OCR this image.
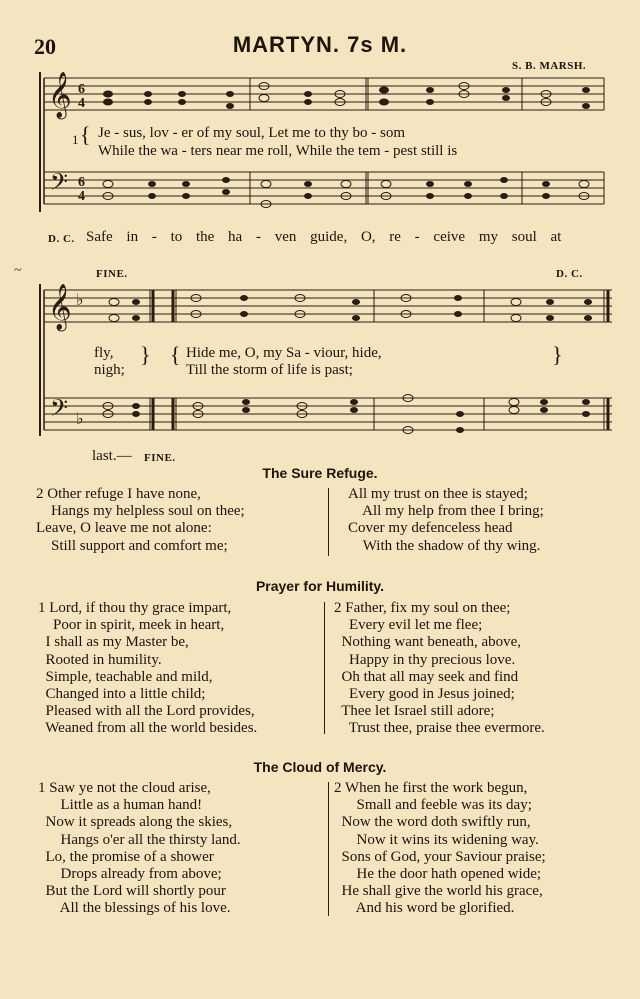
20	MARTYN. 7s M.
S. B. MARSH.
𝄞 6
4
𝄢 6
4
𝄞
𝄢
♭
♭
~
1 { Je - sus, lov - er of my soul, Let me to thy bo - som
While the wa - ters near me roll, While the tem - pest still is
D. C. Safe in - to the ha - ven guide, O, re - ceive my soul at
FINE.	D. C.
fly,
nigh;
} { Hide me, O, my Sa - viour, hide,
Till the storm of life is past;
}
last.— FINE.
The Sure Refuge.
2 Other refuge I have none,
Hangs my helpless soul on thee;
Leave, O leave me not alone:
Still support and comfort me;
All my trust on thee is stayed;
All my help from thee I bring;
Cover my defenceless head
With the shadow of thy wing.
Prayer for Humility.
1 Lord, if thou thy grace impart,
Poor in spirit, meek in heart,
I shall as my Master be,
Rooted in humility.
Simple, teachable and mild,
Changed into a little child;
Pleased with all the Lord provides,
Weaned from all the world besides.
2 Father, fix my soul on thee;
Every evil let me flee;
Nothing want beneath, above,
Happy in thy precious love.
Oh that all may seek and find
Every good in Jesus joined;
Thee let Israel still adore;
Trust thee, praise thee evermore.
The Cloud of Mercy.
1 Saw ye not the cloud arise,
Little as a human hand!
Now it spreads along the skies,
Hangs o'er all the thirsty land.
Lo, the promise of a shower
Drops already from above;
But the Lord will shortly pour
All the blessings of his love.
2 When he first the work begun,
Small and feeble was its day;
Now the word doth swiftly run,
Now it wins its widening way.
Sons of God, your Saviour praise;
He the door hath opened wide;
He shall give the world his grace,
And his word be glorified.
